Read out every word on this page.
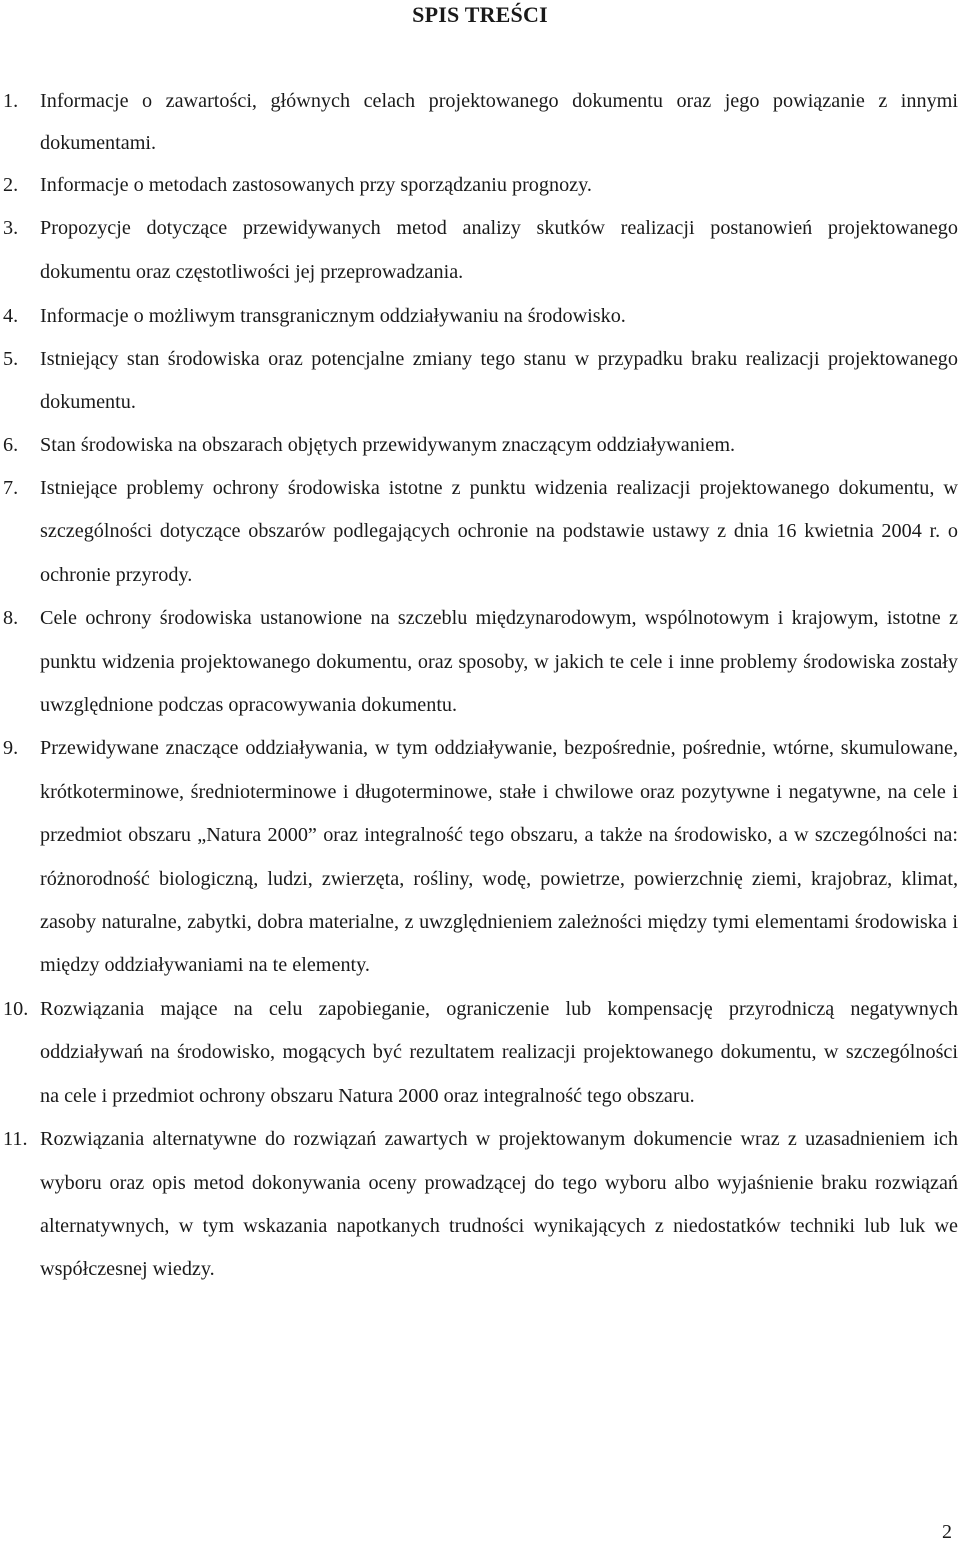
SPIS TREŚCI
1. Informacje o zawartości, głównych celach projektowanego dokumentu oraz jego powiązanie z innymi dokumentami.
2. Informacje o metodach zastosowanych przy sporządzaniu prognozy.
3. Propozycje dotyczące przewidywanych metod analizy skutków realizacji postanowień projektowanego dokumentu oraz częstotliwości jej przeprowadzania.
4. Informacje o możliwym transgranicznym oddziaływaniu na środowisko.
5. Istniejący stan środowiska oraz potencjalne zmiany tego stanu w przypadku braku realizacji projektowanego dokumentu.
6. Stan środowiska na obszarach objętych przewidywanym znaczącym oddziaływaniem.
7. Istniejące problemy ochrony środowiska istotne z punktu widzenia realizacji projektowanego dokumentu, w szczególności dotyczące obszarów podlegających ochronie na podstawie ustawy z dnia 16 kwietnia 2004 r. o ochronie przyrody.
8. Cele ochrony środowiska ustanowione na szczeblu międzynarodowym, wspólnotowym i krajowym, istotne z punktu widzenia projektowanego dokumentu, oraz sposoby, w jakich te cele i inne problemy środowiska zostały uwzględnione podczas opracowywania dokumentu.
9. Przewidywane znaczące oddziaływania, w tym oddziaływanie, bezpośrednie, pośrednie, wtórne, skumulowane, krótkoterminowe, średnioterminowe i długoterminowe, stałe i chwilowe oraz pozytywne i negatywne, na cele i przedmiot obszaru „Natura 2000” oraz integralność tego obszaru, a także na środowisko, a w szczególności na: różnorodność biologiczną, ludzi, zwierzęta, rośliny, wodę, powietrze, powierzchnię ziemi, krajobraz, klimat, zasoby naturalne, zabytki, dobra materialne, z uwzględnieniem zależności między tymi elementami środowiska i między oddziaływaniami na te elementy.
10. Rozwiązania mające na celu zapobieganie, ograniczenie lub kompensację przyrodniczą negatywnych oddziaływań na środowisko, mogących być rezultatem realizacji projektowanego dokumentu, w szczególności na cele i przedmiot ochrony obszaru Natura 2000 oraz integralność tego obszaru.
11. Rozwiązania alternatywne do rozwiązań zawartych w projektowanym dokumencie wraz z uzasadnieniem ich wyboru oraz opis metod dokonywania oceny prowadzącej do tego wyboru albo wyjaśnienie braku rozwiązań alternatywnych, w tym wskazania napotkanych trudności wynikających z niedostatków techniki lub luk we współczesnej wiedzy.
2
